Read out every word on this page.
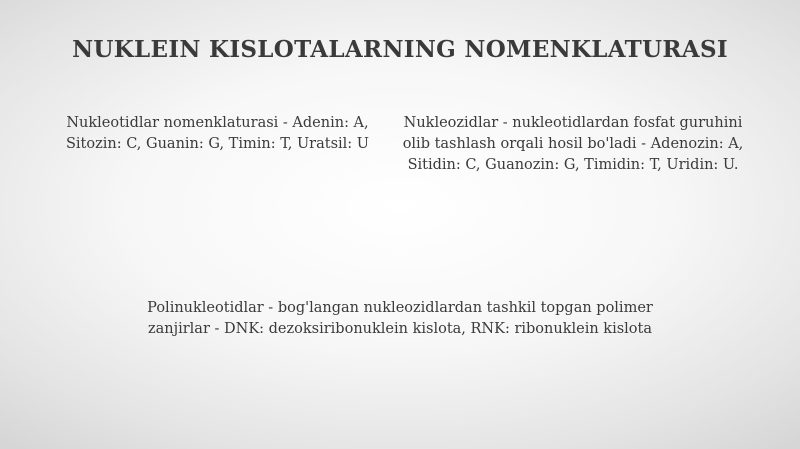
NUKLEIN KISLOTALARNING NOMENKLATURASI
Nukleotidlar nomenklaturasi - Adenin: A, Sitozin: C, Guanin: G, Timin: T, Uratsil: U
Nukleozidlar - nukleotidlardan fosfat guruhini olib tashlash orqali hosil bo'ladi - Adenozin: A, Sitidin: C, Guanozin: G, Timidin: T, Uridin: U.
Polinukleotidlar - bog'langan nukleozidlardan tashkil topgan polimer zanjirlar - DNK: dezoksiribonuklein kislota, RNK: ribonuklein kislota
